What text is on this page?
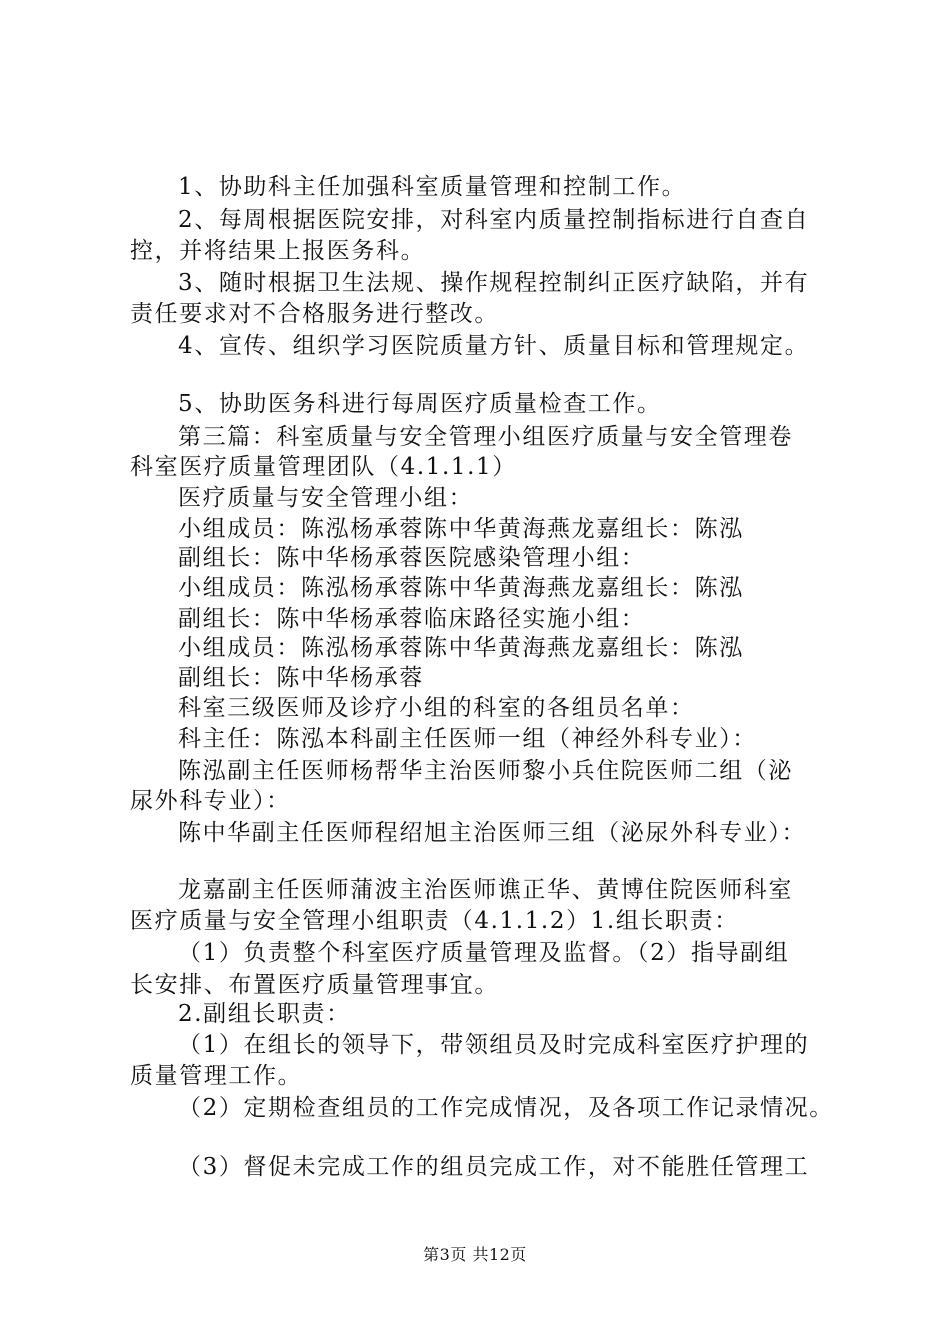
1、协助科主任加强科室质量管理和控制工作。
2、每周根据医院安排，对科室内质量控制指标进行自查自
控，并将结果上报医务科。
3、随时根据卫生法规、操作规程控制纠正医疗缺陷，并有
责任要求对不合格服务进行整改。
4、宣传、组织学习医院质量方针、质量目标和管理规定。
5、协助医务科进行每周医疗质量检查工作。
第三篇：科室质量与安全管理小组医疗质量与安全管理卷
科室医疗质量管理团队（4.1.1.1）
医疗质量与安全管理小组：
小组成员：陈泓杨承蓉陈中华黄海燕龙嘉组长：陈泓
副组长：陈中华杨承蓉医院感染管理小组：
小组成员：陈泓杨承蓉陈中华黄海燕龙嘉组长：陈泓
副组长：陈中华杨承蓉临床路径实施小组：
小组成员：陈泓杨承蓉陈中华黄海燕龙嘉组长：陈泓
副组长：陈中华杨承蓉
科室三级医师及诊疗小组的科室的各组员名单：
科主任：陈泓本科副主任医师一组（神经外科专业）：
陈泓副主任医师杨帮华主治医师黎小兵住院医师二组（泌
尿外科专业）：
陈中华副主任医师程绍旭主治医师三组（泌尿外科专业）：
龙嘉副主任医师蒲波主治医师谯正华、黄博住院医师科室
医疗质量与安全管理小组职责（4.1.1.2）1.组长职责：
（1）负责整个科室医疗质量管理及监督。（2）指导副组
长安排、布置医疗质量管理事宜。
2.副组长职责：
（1）在组长的领导下，带领组员及时完成科室医疗护理的
质量管理工作。
（2）定期检查组员的工作完成情况，及各项工作记录情况。
（3）督促未完成工作的组员完成工作，对不能胜任管理工
第3页 共12页
